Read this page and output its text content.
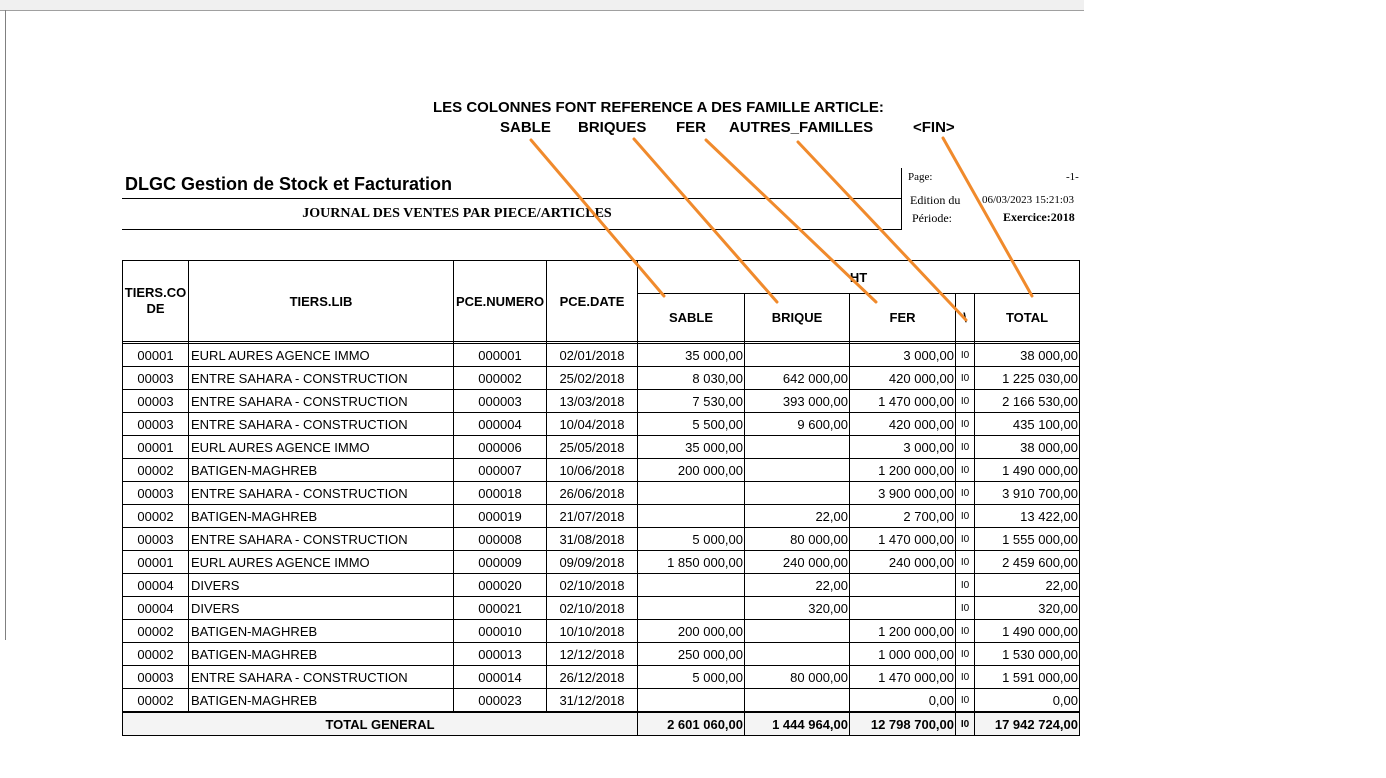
LES COLONNES FONT REFERENCE A DES FAMILLE ARTICLE:
SABLE BRIQUES FER AUTRES_FAMILLES	<FIN>
DLGC Gestion de Stock et Facturation
JOURNAL DES VENTES PAR PIECE/ARTICLES
Page:	-1-
Edition du 06/03/2023 15:21:03
Période:	Exercice:2018
TIERS.CODE	TIERS.LIB	PCE.NUMERO	PCE.DATE	HT				
				SABLE	BRIQUE	FER	\	TOTAL

00001	EURL AURES AGENCE IMMO	000001	02/01/2018	35 000,00		3 000,00	I0	38 000,00
00003	ENTRE SAHARA - CONSTRUCTION	000002	25/02/2018	8 030,00	642 000,00	420 000,00	I0	1 225 030,00
00003	ENTRE SAHARA - CONSTRUCTION	000003	13/03/2018	7 530,00	393 000,00	1 470 000,00	I0	2 166 530,00
00003	ENTRE SAHARA - CONSTRUCTION	000004	10/04/2018	5 500,00	9 600,00	420 000,00	I0	435 100,00
00001	EURL AURES AGENCE IMMO	000006	25/05/2018	35 000,00		3 000,00	I0	38 000,00
00002	BATIGEN-MAGHREB	000007	10/06/2018	200 000,00		1 200 000,00	I0	1 490 000,00
00003	ENTRE SAHARA - CONSTRUCTION	000018	26/06/2018			3 900 000,00	I0	3 910 700,00
00002	BATIGEN-MAGHREB	000019	21/07/2018		22,00	2 700,00	I0	13 422,00
00003	ENTRE SAHARA - CONSTRUCTION	000008	31/08/2018	5 000,00	80 000,00	1 470 000,00	I0	1 555 000,00
00001	EURL AURES AGENCE IMMO	000009	09/09/2018	1 850 000,00	240 000,00	240 000,00	I0	2 459 600,00
00004	DIVERS	000020	02/10/2018		22,00		I0	22,00
00004	DIVERS	000021	02/10/2018		320,00		I0	320,00
00002	BATIGEN-MAGHREB	000010	10/10/2018	200 000,00		1 200 000,00	I0	1 490 000,00
00002	BATIGEN-MAGHREB	000013	12/12/2018	250 000,00		1 000 000,00	I0	1 530 000,00
00003	ENTRE SAHARA - CONSTRUCTION	000014	26/12/2018	5 000,00	80 000,00	1 470 000,00	I0	1 591 000,00
00002	BATIGEN-MAGHREB	000023	31/12/2018			0,00	I0	0,00
TOTAL GENERAL				2 601 060,00	1 444 964,00	12 798 700,00	I0	17 942 724,00
